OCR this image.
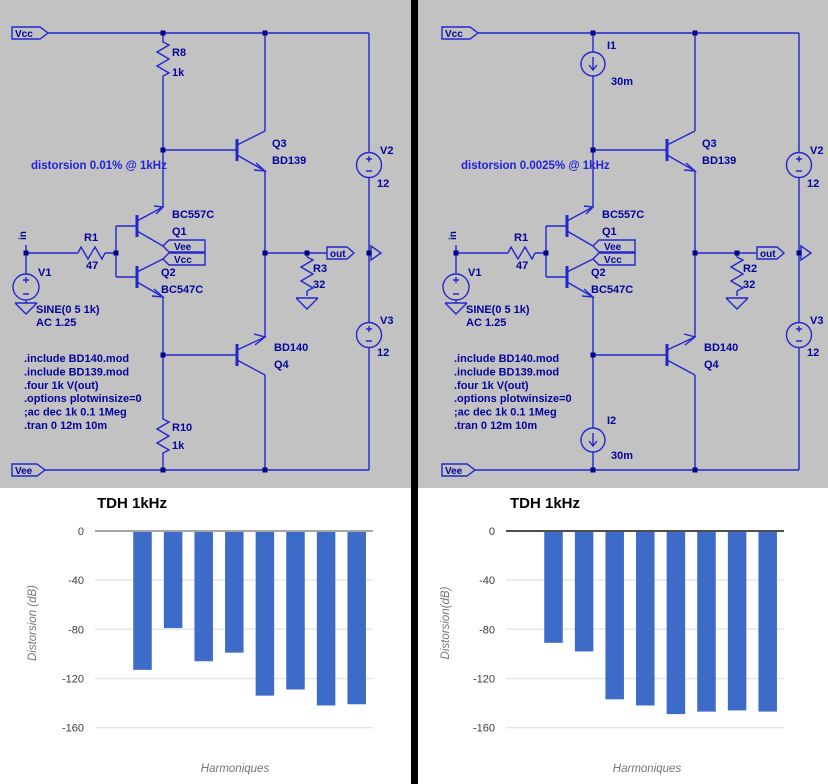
Vcc
Vee
Vee
Vcc
out
in
distorsion 0.01% @ 1kHz
R8
1k
Q3
BD139
V2
12
R1
47
V1
SINE(0 5 1k)
AC 1.25
BC557C
Q1
Q2
BC547C
R3
32
BD140
Q4
V3
12
R10
1k
.include BD140.mod
.include BD139.mod
.four 1k V(out)
.options plotwinsize=0
;ac dec 1k 0.1 1Meg
.tran 0 12m 10m
Vcc
Vee
Vee
Vcc
out
in
distorsion 0.0025% @ 1kHz
I1
30m
Q3
BD139
V2
12
R1
47
V1
SINE(0 5 1k)
AC 1.25
BC557C
Q1
Q2
BC547C
R2
32
BD140
Q4
V3
12
I2
30m
.include BD140.mod
.include BD139.mod
.four 1k V(out)
.options plotwinsize=0
;ac dec 1k 0.1 1Meg
.tran 0 12m 10m
TDH 1kHz
Distorsion (dB)
Harmoniques
0
-40
-80
-120
-160
TDH 1kHz
Distorsion(dB)
Harmoniques
0
-40
-80
-120
-160
